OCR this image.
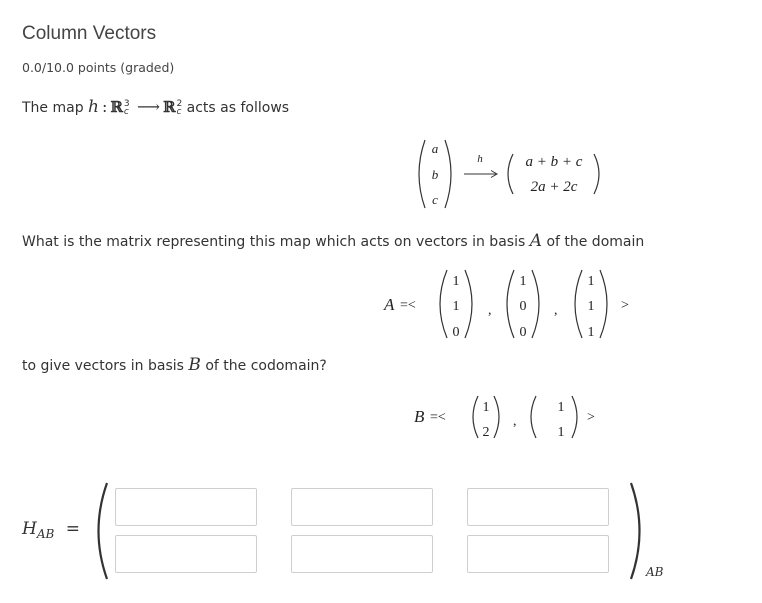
Column Vectors
0.0/10.0 points (graded)
The map h : ℝ 3
c ⟶ ℝ 2
c acts as follows
a
b
c
h	a + b + c
2a + 2c
What is the matrix representing this map which acts on vectors in basis A of the domain
A =<
1
1
0
,
1
0
0
,
1
1
1
>
to give vectors in basis B of the codomain?
B =<
1
2
,
1
1
>
$H_{AB}$ =
AB
